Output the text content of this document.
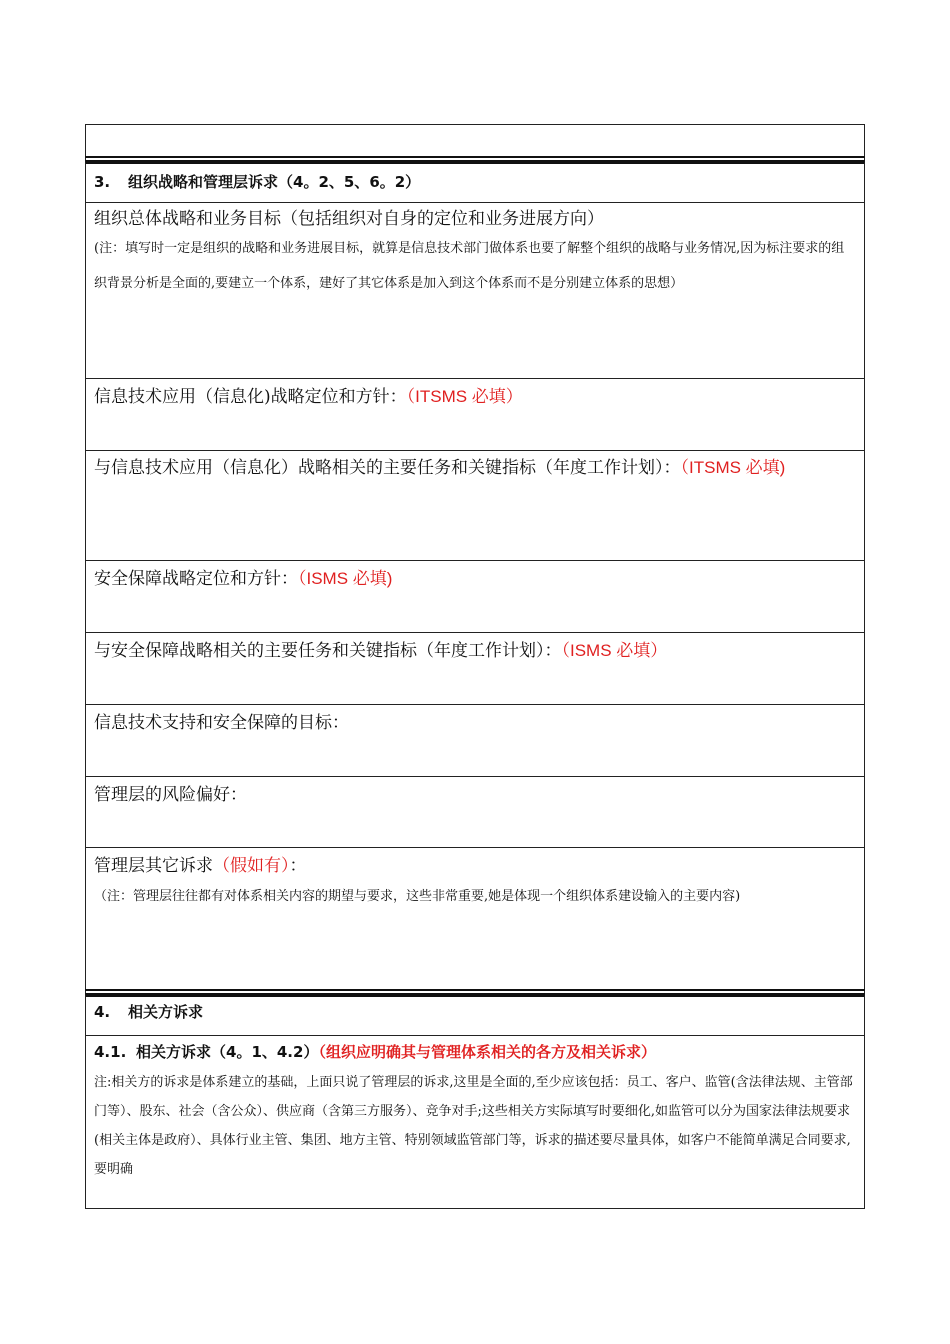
3. 组织战略和管理层诉求（4。2、5、6。2）
组织总体战略和业务目标（包括组织对自身的定位和业务进展方向）
(注：填写时一定是组织的战略和业务进展目标，就算是信息技术部门做体系也要了解整个组织的战略与业务情况,因为标注要求的组织背景分析是全面的,要建立一个体系，建好了其它体系是加入到这个体系而不是分别建立体系的思想）
信息技术应用（信息化)战略定位和方针：（ITSMS 必填）
与信息技术应用（信息化）战略相关的主要任务和关键指标（年度工作计划）：（ITSMS 必填)
安全保障战略定位和方针：（ISMS 必填)
与安全保障战略相关的主要任务和关键指标（年度工作计划）：（ISMS 必填）
信息技术支持和安全保障的目标：
管理层的风险偏好：
管理层其它诉求（假如有）：
（注：管理层往往都有对体系相关内容的期望与要求，这些非常重要,她是体现一个组织体系建设输入的主要内容)
4. 相关方诉求
4.1. 相关方诉求（4。1、4.2）（组织应明确其与管理体系相关的各方及相关诉求）
注:相关方的诉求是体系建立的基础，上面只说了管理层的诉求,这里是全面的,至少应该包括：员工、客户、监管(含法律法规、主管部门等）、股东、社会（含公众）、供应商（含第三方服务）、竞争对手;这些相关方实际填写时要细化,如监管可以分为国家法律法规要求(相关主体是政府）、具体行业主管、集团、地方主管、特别领域监管部门等，诉求的描述要尽量具体，如客户不能简单满足合同要求,要明确
